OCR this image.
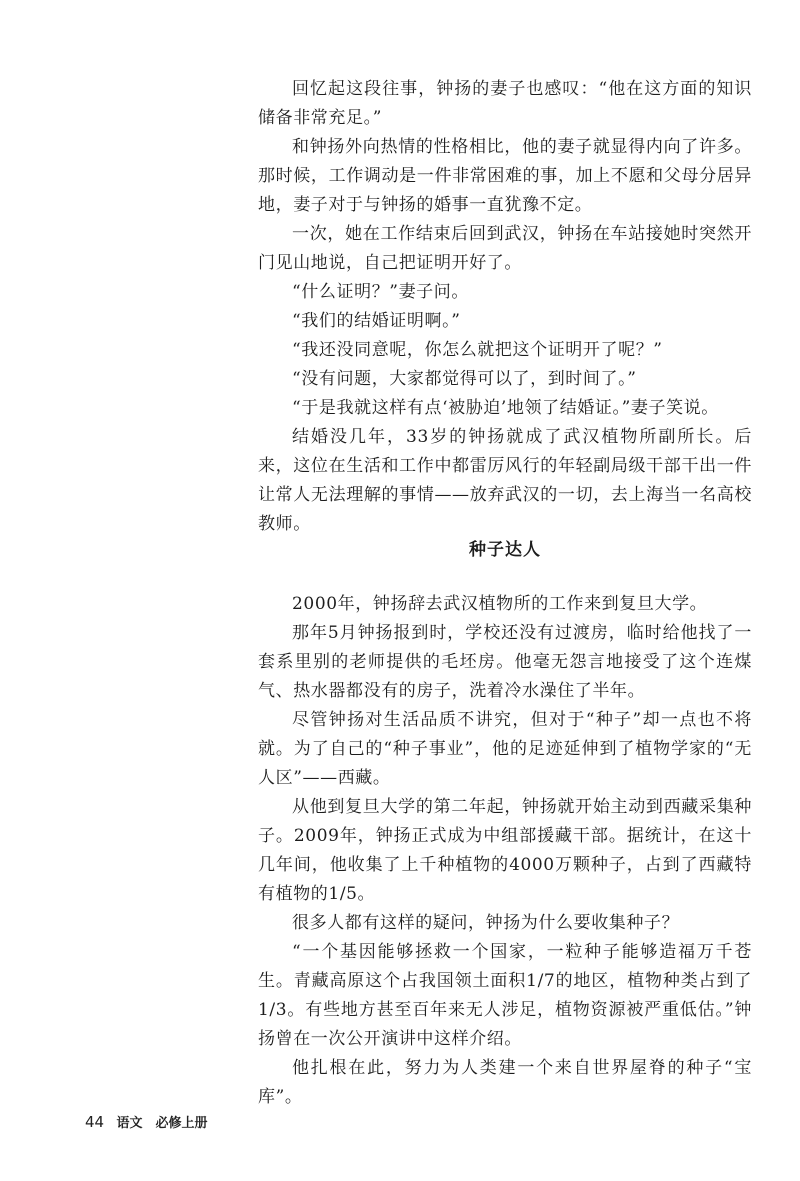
回忆起这段往事，钟扬的妻子也感叹：“他在这方面的知识储备非常充足。”

和钟扬外向热情的性格相比，他的妻子就显得内向了许多。那时候，工作调动是一件非常困难的事，加上不愿和父母分居异地，妻子对于与钟扬的婚事一直犹豫不定。

一次，她在工作结束后回到武汉，钟扬在车站接她时突然开门见山地说，自己把证明开好了。

“什么证明？”妻子问。

“我们的结婚证明啊。”

“我还没同意呢，你怎么就把这个证明开了呢？”

“没有问题，大家都觉得可以了，到时间了。”

“于是我就这样有点‘被胁迫’地领了结婚证。”妻子笑说。

结婚没几年，33岁的钟扬就成了武汉植物所副所长。后来，这位在生活和工作中都雷厉风行的年轻副局级干部干出一件让常人无法理解的事情——放弃武汉的一切，去上海当一名高校教师。

种子达人

2000年，钟扬辞去武汉植物所的工作来到复旦大学。

那年5月钟扬报到时，学校还没有过渡房，临时给他找了一套系里别的老师提供的毛坯房。他毫无怨言地接受了这个连煤气、热水器都没有的房子，洗着冷水澡住了半年。

尽管钟扬对生活品质不讲究，但对于“种子”却一点也不将就。为了自己的“种子事业”，他的足迹延伸到了植物学家的“无人区”——西藏。

从他到复旦大学的第二年起，钟扬就开始主动到西藏采集种子。2009年，钟扬正式成为中组部援藏干部。据统计，在这十几年间，他收集了上千种植物的4000万颗种子，占到了西藏特有植物的1/5。

很多人都有这样的疑问，钟扬为什么要收集种子？

“一个基因能够拯救一个国家，一粒种子能够造福万千苍生。青藏高原这个占我国领土面积1/7的地区，植物种类占到了1/3。有些地方甚至百年来无人涉足，植物资源被严重低估。”钟扬曾在一次公开演讲中这样介绍。

他扎根在此，努力为人类建一个来自世界屋脊的种子“宝库”。

44 语文　必修上册
